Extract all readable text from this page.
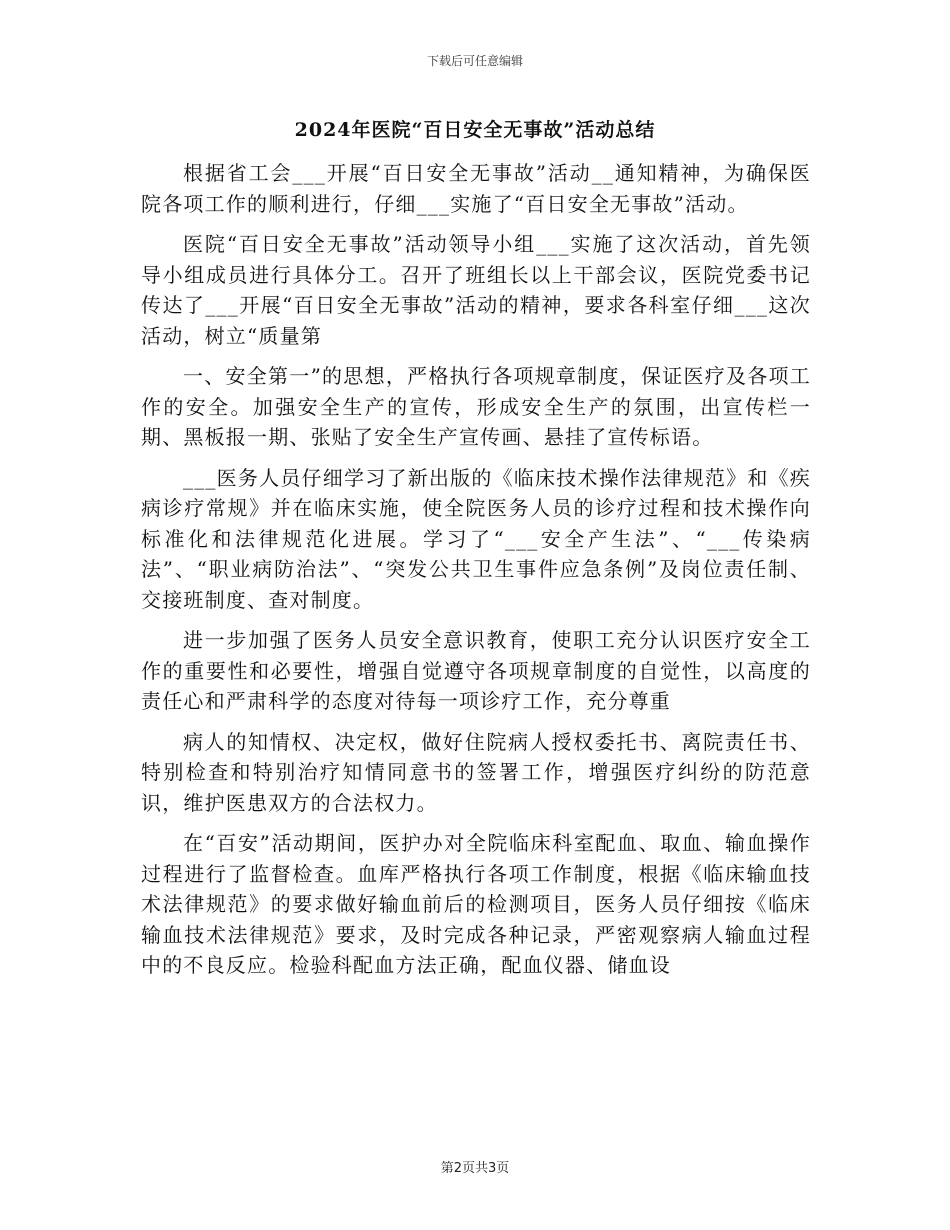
下载后可任意编辑
2024年医院“百日安全无事故”活动总结

根据省工会___开展“百日安全无事故”活动__通知精神，为确保医院各项工作的顺利进行，仔细___实施了“百日安全无事故”活动。

医院“百日安全无事故”活动领导小组___实施了这次活动，首先领导小组成员进行具体分工。召开了班组长以上干部会议，医院党委书记传达了___开展“百日安全无事故”活动的精神，要求各科室仔细___这次活动，树立“质量第

一、安全第一”的思想，严格执行各项规章制度，保证医疗及各项工作的安全。加强安全生产的宣传，形成安全生产的氛围，出宣传栏一期、黑板报一期、张贴了安全生产宣传画、悬挂了宣传标语。

___医务人员仔细学习了新出版的《临床技术操作法律规范》和《疾病诊疗常规》并在临床实施，使全院医务人员的诊疗过程和技术操作向标准化和法律规范化进展。学习了“___安全产生法”、“___传染病法”、“职业病防治法”、“突发公共卫生事件应急条例”及岗位责任制、交接班制度、查对制度。

进一步加强了医务人员安全意识教育，使职工充分认识医疗安全工作的重要性和必要性，增强自觉遵守各项规章制度的自觉性，以高度的责任心和严肃科学的态度对待每一项诊疗工作，充分尊重

病人的知情权、决定权，做好住院病人授权委托书、离院责任书、特别检查和特别治疗知情同意书的签署工作，增强医疗纠纷的防范意识，维护医患双方的合法权力。

在“百安”活动期间，医护办对全院临床科室配血、取血、输血操作过程进行了监督检查。血库严格执行各项工作制度，根据《临床输血技术法律规范》的要求做好输血前后的检测项目，医务人员仔细按《临床输血技术法律规范》要求，及时完成各种记录，严密观察病人输血过程中的不良反应。检验科配血方法正确，配血仪器、储血设

第2页共3页
